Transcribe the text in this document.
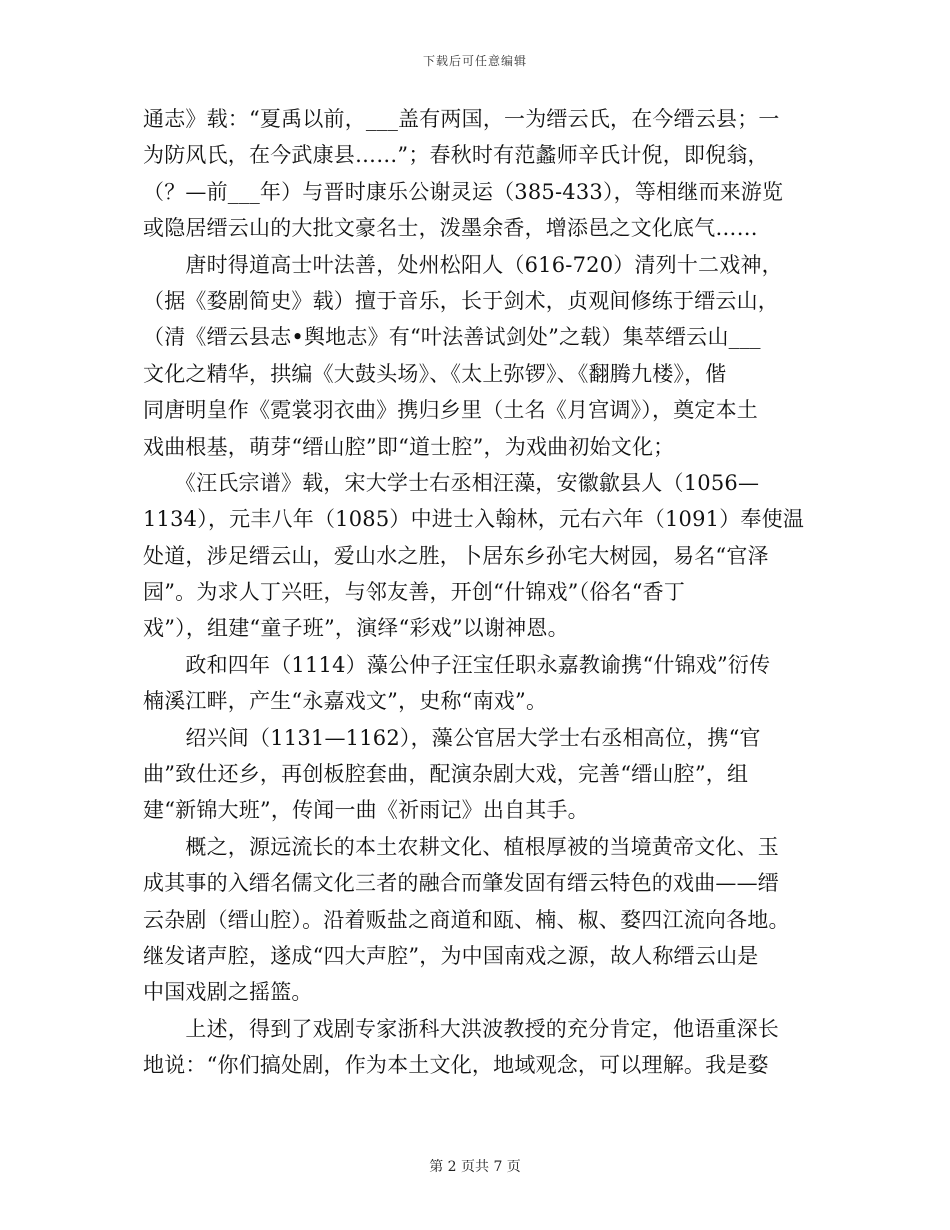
下载后可任意编辑
通志》载：“夏禹以前，___盖有两国，一为缙云氏，在今缙云县；一
为防风氏，在今武康县……”；春秋时有范蠡师辛氏计倪，即倪翁，
（？—前___年）与晋时康乐公谢灵运（385-433），等相继而来游览
或隐居缙云山的大批文豪名士，泼墨余香，增添邑之文化底气……
　　唐时得道高士叶法善，处州松阳人（616-720）清列十二戏神，
（据《婺剧简史》载）擅于音乐，长于剑术，贞观间修练于缙云山，
（清《缙云县志•舆地志》有“叶法善试剑处”之载）集萃缙云山___
文化之精华，拱编《大鼓头场》、《太上弥锣》、《翻腾九楼》，偕
同唐明皇作《霓裳羽衣曲》携归乡里（土名《月宫调》），奠定本土
戏曲根基，萌芽“缙山腔”即“道士腔”，为戏曲初始文化；
　　《汪氏宗谱》载，宋大学士右丞相汪藻，安徽歙县人（1056—
1134），元丰八年（1085）中进士入翰林，元右六年（1091）奉使温
处道，涉足缙云山，爱山水之胜，卜居东乡孙宅大树园，易名“官泽
园”。为求人丁兴旺，与邻友善，开创“什锦戏”（俗名“香丁
戏”），组建“童子班”，演绎“彩戏”以谢神恩。
　　政和四年（1114）藻公仲子汪宝任职永嘉教谕携“什锦戏”衍传
楠溪江畔，产生“永嘉戏文”，史称“南戏”。
　　绍兴间（1131—1162），藻公官居大学士右丞相高位，携“官
曲”致仕还乡，再创板腔套曲，配演杂剧大戏，完善“缙山腔”，组
建“新锦大班”，传闻一曲《祈雨记》出自其手。
　　概之，源远流长的本土农耕文化、植根厚被的当境黄帝文化、玉
成其事的入缙名儒文化三者的融合而肇发固有缙云特色的戏曲——缙
云杂剧（缙山腔）。沿着贩盐之商道和瓯、楠、椒、婺四江流向各地。
继发诸声腔，遂成“四大声腔”，为中国南戏之源，故人称缙云山是
中国戏剧之摇篮。
　　上述，得到了戏剧专家浙科大洪波教授的充分肯定，他语重深长
地说：“你们搞处剧，作为本土文化，地域观念，可以理解。我是婺
第 2 页共 7 页
